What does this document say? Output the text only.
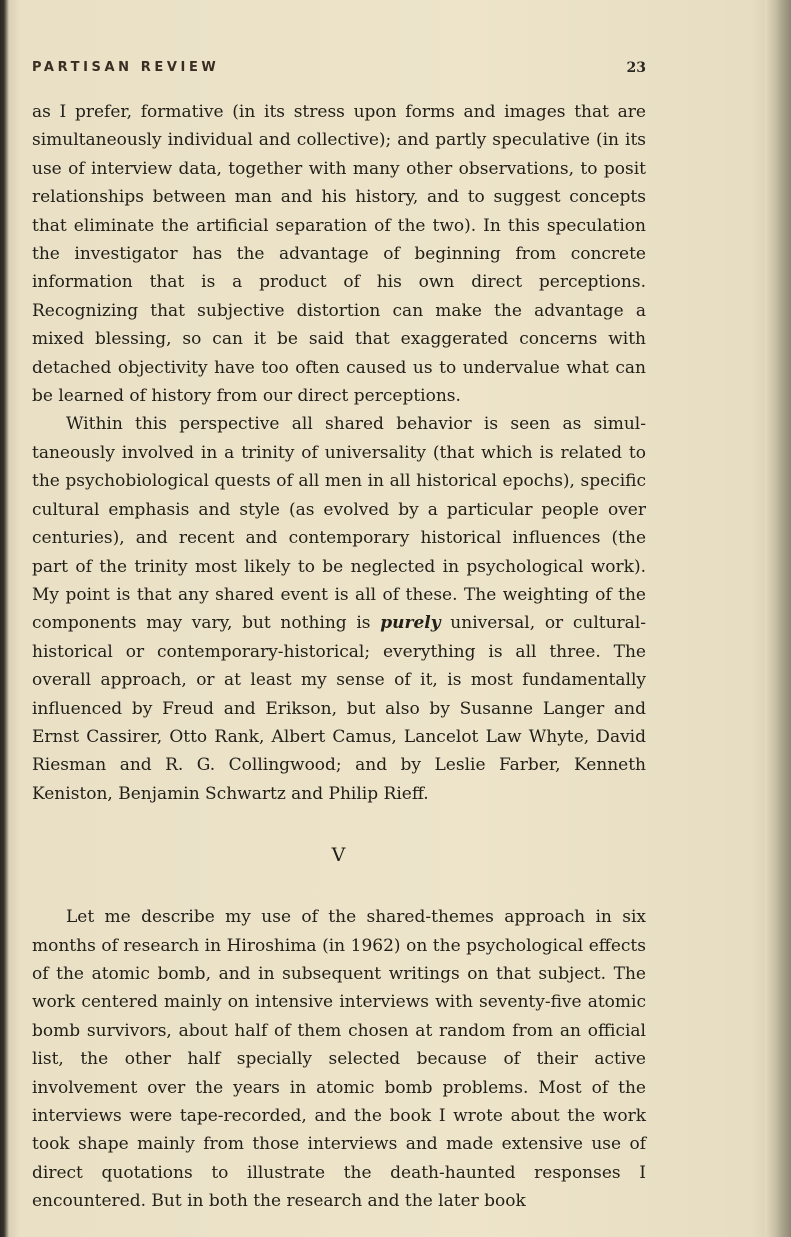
PARTISAN REVIEW	23

as I prefer, formative (in its stress upon forms and images that are simultaneously individual and collective); and partly speculative (in its use of interview data, together with many other observations, to posit relationships between man and his history, and to suggest concepts that eliminate the artificial separation of the two). In this speculation the investigator has the advantage of beginning from concrete information that is a product of his own direct perceptions. Recognizing that subjective distortion can make the advantage a mixed blessing, so can it be said that exaggerated concerns with detached objectivity have too often caused us to undervalue what can be learned of history from our direct perceptions.

Within this perspective all shared behavior is seen as simultaneously involved in a trinity of universality (that which is related to the psychobiological quests of all men in all historical epochs), specific cultural emphasis and style (as evolved by a particular people over centuries), and recent and contemporary historical influences (the part of the trinity most likely to be neglected in psychological work). My point is that any shared event is all of these. The weighting of the components may vary, but nothing is purely universal, or cultural-historical or contemporary-historical; everything is all three. The overall approach, or at least my sense of it, is most fundamentally influenced by Freud and Erikson, but also by Susanne Langer and Ernst Cassirer, Otto Rank, Albert Camus, Lancelot Law Whyte, David Riesman and R. G. Collingwood; and by Leslie Farber, Kenneth Keniston, Benjamin Schwartz and Philip Rieff.

V

Let me describe my use of the shared-themes approach in six months of research in Hiroshima (in 1962) on the psychological effects of the atomic bomb, and in subsequent writings on that subject. The work centered mainly on intensive interviews with seventy-five atomic bomb survivors, about half of them chosen at random from an official list, the other half specially selected because of their active involvement over the years in atomic bomb problems. Most of the interviews were tape-recorded, and the book I wrote about the work took shape mainly from those interviews and made extensive use of direct quotations to illustrate the death-haunted responses I encountered. But in both the research and the later book
